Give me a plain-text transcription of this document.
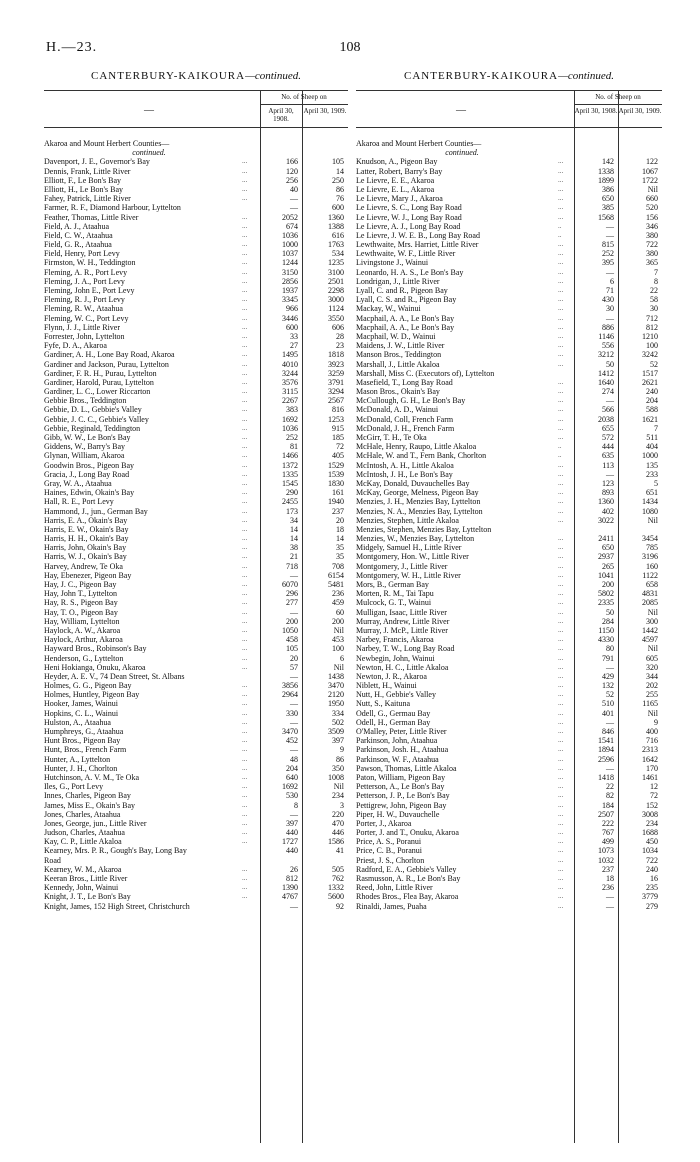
H.—23.	108
CANTERBURY-KAIKOURA—continued.
—
No. of Sheep on
April 30, 1908.
April 30, 1909.
Akaroa and Mount Herbert Counties—
continued.
Davenport, J. E., Governor's Bay	...	166	105
Dennis, Frank, Little River	...	120	14
Elliott, F., Le Bon's Bay	...	256	250
Elliott, H., Le Bon's Bay	...	40	86
Fahey, Patrick, Little River	...	—	76
Farmer, R. F., Diamond Harbour, Lyttelton	—	600
Feather, Thomas, Little River	...	2052	1360
Field, A. J., Ataahua	...	674	1388
Field, C. W., Ataahua	...	1036	616
Field, G. R., Ataahua	...	1000	1763
Field, Henry, Port Levy	...	1037	534
Firmston, W. H., Teddington	...	1244	1235
Fleming, A. R., Port Levy	...	3150	3100
Fleming, J. A., Port Levy	...	2856	2501
Fleming, John E., Port Levy	...	1937	2298
Fleming, R. J., Port Levy	...	3345	3000
Fleming, R. W., Ataahua	...	966	1124
Fleming, W. C., Port Levy	...	3446	3550
Flynn, J. J., Little River	...	600	606
Forrester, John, Lyttelton	...	33	28
Fyfe, D. A., Akaroa	...	27	23
Gardiner, A. H., Lone Bay Road, Akaroa	...	1495	1818
Gardiner and Jackson, Purau, Lyttelton	...	4010	3923
Gardiner, F. R. H., Purau, Lyttelton	...	3244	3259
Gardiner, Harold, Purau, Lyttelton	...	3576	3791
Gardiner, L. C., Lower Riccarton	...	3115	3294
Gebbie Bros., Teddington	...	2267	2567
Gebbie, D. L., Gebbie's Valley	...	383	816
Gebbie, J. C. C., Gebbie's Valley	...	1692	1253
Gebbie, Reginald, Teddington	...	1036	915
Gibb, W. W., Le Bon's Bay	...	252	185
Giddens, W., Barry's Bay	...	81	72
Glynan, William, Akaroa	...	1466	405
Goodwin Bros., Pigeon Bay	...	1372	1529
Gracia, J., Long Bay Road	...	1335	1539
Gray, W. A., Ataahua	...	1545	1830
Haines, Edwin, Okain's Bay	...	290	161
Hall, R. E., Port Levy	...	2455	1940
Hammond, J., jun., German Bay	...	173	237
Harris, E. A., Okain's Bay	...	34	20
Harris, E. W., Okain's Bay	...	14	18
Harris, H. H., Okain's Bay	...	14	14
Harris, John, Okain's Bay	...	38	35
Harris, W. J., Okain's Bay	...	21	35
Harvey, Andrew, Te Oka	...	718	708
Hay, Ebenezer, Pigeon Bay	...	—	6154
Hay, J. C., Pigeon Bay	...	6070	5481
Hay, John T., Lyttelton	...	296	236
Hay, R. S., Pigeon Bay	...	277	459
Hay, T. O., Pigeon Bay	...	—	60
Hay, William, Lyttelton	...	200	200
Haylock, A. W., Akaroa	...	1050	Nil
Haylock, Arthur, Akaroa	...	458	453
Hayward Bros., Robinson's Bay	...	105	100
Henderson, G., Lyttelton	...	20	6
Heni Hokianga, Onuku, Akaroa	...	57	Nil
Heyder, A. E. V., 74 Dean Street, St. Albans	—	1438
Holmes, G. G., Pigeon Bay	...	3856	3470
Holmes, Huntley, Pigeon Bay	...	2964	2120
Hooker, James, Wainui	...	—	1950
Hopkins, C. L., Wainui	...	330	334
Hulston, A., Ataahua	...	—	502
Humphreys, G., Ataahua	...	3470	3509
Hunt Bros., Pigeon Bay	...	452	397
Hunt, Bros., French Farm	...	—	9
Hunter, A., Lyttelton	...	48	86
Hunter, J. H., Chorlton	...	204	350
Hutchinson, A. V. M., Te Oka	...	640	1008
Iles, G., Port Levy	...	1692	Nil
Innes, Charles, Pigeon Bay	...	530	234
James, Miss E., Okain's Bay	...	8	3
Jones, Charles, Ataahua	...	—	220
Jones, George, jun., Little River	...	397	470
Judson, Charles, Ataahua	...	440	446
Kay, C. P., Little Akaloa	...	1727	1586
Kearney, Mrs. P. R., Gough's Bay, Long Bay	440	41
Road
Kearney, W. M., Akaroa	...	26	505
Keeran Bros., Little River	...	812	762
Kennedy, John, Wainui	...	1390	1332
Knight, J. T., Le Bon's Bay	...	4767	5600
Knight, James, 152 High Street, Christchurch	—	92
CANTERBURY-KAIKOURA—continued.
—
No. of Sheep on
April 30, 1908. April 30, 1909.
Akaroa and Mount Herbert Counties—
continued.
Knudson, A., Pigeon Bay	...	142	122
Latter, Robert, Barry's Bay	...	1338	1067
Le Lievre, E. E., Akaroa	...	1899	1722
Le Lievre, E. L., Akaroa	...	386	Nil
Le Lievre, Mary J., Akaroa	...	650	660
Le Lievre, S. C., Long Bay Road	...	385	520
Le Lievre, W. J., Long Bay Road	...	1568	156
Le Lievre, A. J., Long Bay Road	..	—	346
Le Lievre, J. W. E. B., Long Bay Road	..	—	380
Lewthwaite, Mrs. Harriet, Little River	...	815	722
Lewthwaite, W. F., Little River	...	252	380
Livingstone J., Wainui	...	395	365
Leonardo, H. A. S., Le Bon's Bay	...	—	7
Londrigan, J., Little River	...	6	8
Lyall, C. and R., Pigeon Bay	...	71	22
Lyall, C. S. and R., Pigeon Bay	...	430	58
Mackay, W., Wainui	...	30	30
Macphail, A. A., Le Bon's Bay	...	—	712
Macphail, A. A., Le Bon's Bay	...	886	812
Macphail, W. D., Wainui	...	1146	1210
Maidens, J. W., Little River	...	556	100
Manson Bros., Teddington	...	3212	3242
Marshall, J., Little Akaloa	...	50	52
Marshall, Miss C. (Executors of), Lyttelton	1412	1517
Masefield, T., Long Bay Road	...	1640	2621
Mason Bros., Okain's Bay	...	274	240
McCullough, G. H., Le Bon's Bay	...	—	204
McDonald, A. D., Wainui	...	566	588
McDonald, Coll, French Farm	...	2038	1621
McDonald, J. H., French Farm	...	655	7
McGirr, T. H., Te Oka	...	572	511
McHale, Henry, Raupo, Little Akaloa	..	444	404
McHale, W. and T., Fern Bank, Chorlton	..	635	1000
McIntosh, A. H., Little Akaloa	...	113	135
McIntosh, J. H., Le Bon's Bay	...	—	233
McKay, Donald, Duvauchelles Bay	...	123	5
McKay, George, Melness, Pigeon Bay	...	893	651
Menzies, J. H., Menzies Bay, Lyttelton	...	1360	1434
Menzies, N. A., Menzies Bay, Lyttelton	...	402	1080
Menzies, Stephen, Little Akaloa	...	3022	Nil
Menzies, Stephen, Menzies Bay, Lyttelton
Menzies, W., Menzies Bay, Lyttelton	...	2411	3454
Midgely, Samuel H., Little River	...	650	785
Montgomery, Hon. W., Little River	...	2937	3196
Montgomery, J., Little River	...	265	160
Montgomery, W. H., Little River	...	1041	1122
Mors, B., German Bay	...	200	658
Morten, R. M., Tai Tapu	...	5802	4831
Mulcock, G. T., Wainui	...	2335	2085
Mulligan, Isaac, Little River	...	50	Nil
Murray, Andrew, Little River	...	284	300
Murray, J. McP., Little River	...	1150	1442
Narbey, Francis, Akaroa	...	4330	4597
Narbey, T. W., Long Bay Road	...	80	Nil
Newbegin, John, Wainui	...	791	605
Newton, H. C., Little Akaloa	...	—	320
Newton, J. R., Akaroa	...	429	344
Niblett, H., Wainui	...	132	202
Nutt, H., Gebbie's Valley	...	52	255
Nutt, S., Kaituna	...	510	1165
Odell, G., Germau Bay	...	401	Nil
Odell, H., German Bay	...	—	9
O'Malley, Peter, Little River	...	846	400
Parkinson, John, Ataahua	...	1541	716
Parkinson, Josh. H., Ataahua	...	1894	2313
Parkinson, W. F., Ataahua	...	2596	1642
Pawson, Thomas, Little Akaloa	...	—	170
Paton, William, Pigeon Bay	...	1418	1461
Petterson, A., Le Bon's Bay	...	22	12
Petterson, J. P., Le Bon's Bay	...	82	72
Pettigrew, John, Pigeon Bay	...	184	152
Piper, H. W., Duvauchelle	...	2507	3008
Porter, J., Akaroa	...	222	234
Porter, J. and T., Onuku, Akaroa	...	767	1688
Price, A. S., Poranui	...	499	450
Price, C. B., Poranui	...	1073	1034
Priest, J. S., Chorlton	...	1032	722
Radford, E. A., Gebbie's Valley	...	237	240
Rasmusson, A. R., Le Bon's Bay	...	18	16
Reed, John, Little River	...	236	235
Rhodes Bros., Flea Bay, Akaroa	...	—	3779
Rinaldi, James, Puaha	...	—	279
